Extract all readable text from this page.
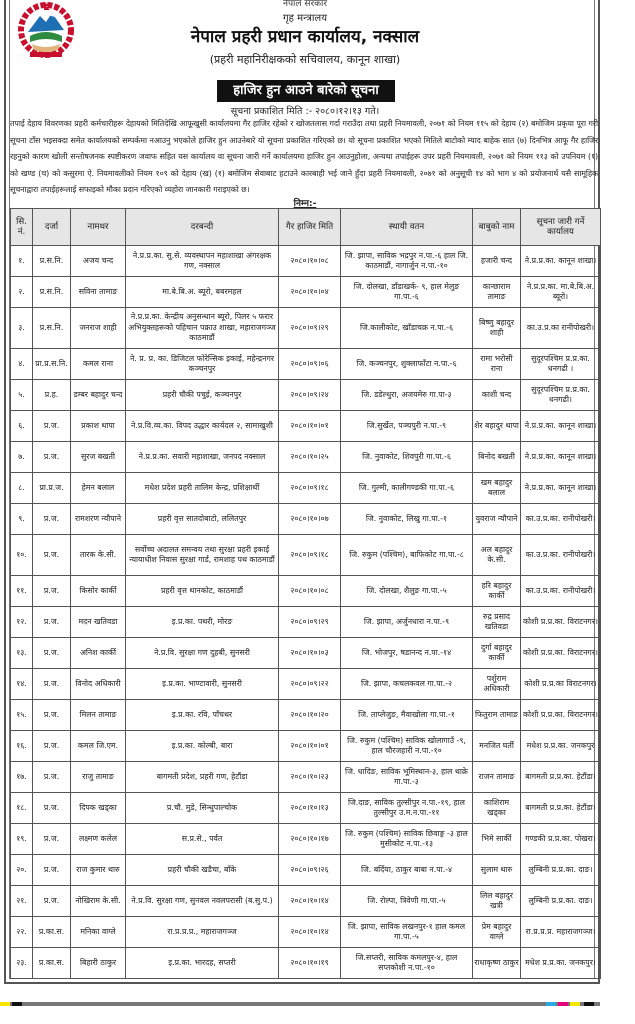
नेपाल सरकार
गृह मन्त्रालय
नेपाल प्रहरी प्रधान कार्यालय, नक्साल
(प्रहरी महानिरीक्षकको सचिवालय, कानून शाखा)
हाजिर हुन आउने बारेको सूचना
सूचना प्रकाशित मिति :- २०८०।१२।१३ गते।
तपाई देहाय विवरणका प्रहरी कर्मचारीहरू देहायको मितिदेखि आफूखुसी कार्यालयमा गैर हाजिर रहेको र खोजतलास गर्दा गराउँदा तथा प्रहरी नियमावली, २०७१ को नियम ११५ को देहाय (२) बमोजिम प्रकृया पूरा गरी सूचना टाँस भइसक्दा समेत कार्यालयको सम्पर्कमा नआउनु भएकोले हाजिर हुन आउनेबारे यो सूचना प्रकाशित गरिएको छ। यो सूचना प्रकाशित भएको मितिले बाटोको म्याद बाहेक सात (७) दिनभित्र आफू गैर हाजिर रहनुको कारण खोली सन्तोषजनक स्पष्टीकरण जवाफ सहित यस कार्यालय वा सूचना जारी गर्ने कार्यालयमा हाजिर हुन आउनुहोला, अन्यथा तपाईहरू उपर प्रहरी नियमावली, २०७१ को नियम ११३ को उपनियम (१) को खण्ड (च) को कसुरमा ऐ. नियमावलीको नियम १०९ को देहाय (ख) (१) बमोजिम सेवाबाट हटाउने कारबाही भई जाने हुँदा प्रहरी नियमावली, २०७१ को अनुसूची १४ को भाग ४ को प्रयोजनार्थ यसै सामूहिक सूचनाद्वारा तपाईहरूलाई सफाइको मौका प्रदान गरिएको व्यहोरा जानकारी गराइएको छ।
निम्न:-
सि. नं.	दर्जा	नामथर	दरबन्दी	गैर हाजिर मिति	स्थायी वतन	बाबुको नाम	सूचना जारी गर्ने कार्यालय
१.	प्र.स.नि.	अजय चन्द	ने.प्र.प्र.का. सु.से. व्यवस्थापन महाशाखा अंगरक्षक गण, नक्साल	२०८०।१०।०८	जि. झापा, साविक भद्रपुर न.पा.-६ हाल जि. काठमाडौं, नागार्जुन न.पा.-१०	हजारी चन्द	ने.प्र.प्र.का. कानून शाखा।
२.	प्र.स.नि.	सविना तामाङ	मा.बे.बि.अ. ब्यूरो, बबरमहल	२०८०।१०।०४	जि. दोलखा, डाँडाखर्क- ९, हाल मेलुङ गा.पा.-६	कान्छाराम तामाङ	ने.प्र.प्र.का. मा.बे.बि.अ. ब्यूरो।
३.	प्र.स.नि.	जनराज शाही	ने.प्र.प्र.का. केन्द्रीय अनुसन्धान ब्यूरो, पिलर ५ फरार अभियुक्तहरूको पहिचान पक्राउ शाखा, महाराजगञ्ज काठमाडौं	२०८०।०९।२९	जि.कालीकोट, खाँडाचक्र न.पा.-६	बिष्णु बहादुर शाही	का.उ.प्र.का रानीपोखरी।
४.	प्रा.प्र.स.नि.	कमल राना	ने. प्र. प्र. का. डिजिटल फोरेन्सिक इकाई, महेन्द्रनगर कञ्चनपुर	२०८०।०९।०६	जि. कञ्चनपुर, शुक्लाफाँटा न.पा.-६	रामा भरोसी राना	सुदूरपश्चिम प्र.प्र.का. धनगढी ।
५.	प्र.ह.	डम्बर बहादुर चन्द	प्रहरी चौकी पचुई, कञ्चनपुर	२०८०।०९।२४	जि. डडेल्धुरा, अजयमेरु गा.पा-३	काशी चन्द	सुदूरपश्चिम प्र.प्र.का. धनगढी।
६.	प्र.ज.	प्रकाश थापा	ने.प्र.वि.व्य.का. विपद उद्धार कार्यदल २, सामाखुशी	२०८०।१०।०१	जि.सुर्खेत, पञ्चपुरी न.पा.-९	शेर बहादुर थापा	ने.प्र.प्र.का. कानून शाखा।
७.	प्र.ज.	सुरज बखती	ने.प्र.प्र.का. सवारी महाशाखा, जनपद नक्साल	२०८०।१०।२५	जि. नुवाकोट, शिवपुरी गा.पा.-६	बिनोद बखती	ने.प्र.प्र.का. कानून शाखा।
८.	प्रा.प्र.ज.	हेमन बलाल	मधेश प्रदेश प्रहरी तालिम केन्द्र, प्रशिक्षार्थी	२०८०।०९।१८	जि. गुल्मी, कालीगण्डकी गा.पा.-६	खम बहादुर बलाल	ने.प्र.प्र.का. कानून शाखा।
९.	प्र.ज.	रामशरण न्यौपाने	प्रहरी वृत्त सातदोबाटो, ललितपुर	२०८०।१०।०७	जि. नुवाकोट, लिखु गा.पा.-१	युवराज न्यौपाने	का.उ.प्र.का. रानीपोखरी।
१०.	प्र.ज.	तारक के.सी.	सर्वोच्च अदालत समन्वय तथा सुरक्षा प्रहरी इकाई न्यायाधीश निवास सुरक्षा गार्ड, रामशाह पथ काठमाडौं	२०८०।०९।१८	जि. रुकुम (पश्चिम), बाफिकोट गा.पा.-८	अल बहादुर के.सी.	का.उ.प्र.का. रानीपोखरी।
११.	प्र.ज.	किसोर कार्की	प्रहरी वृत्त थानकोट, काठमाडौं	२०८०।१०।०८	जि. दोलखा, शैलुङ गा.पा.-५	हरि बहादुर कार्की	का.उ.प्र.का. रानीपोखरी।
१२.	प्र.ज.	मदन खतिवडा	इ.प्र.का. पथरी, मोरङ	२०८०।०९।२९	जि. झापा, अर्जुनधारा न.पा.-९	रुद्र प्रसाद खतिवडा	कोशी प्र.प्र.का. विराटनगर।
१३.	प्र.ज.	अनिश कार्की	ने.प्र.वि. सुरक्षा गण दुहबी, सुनसरी	२०८०।१०।०३	जि. भोजपुर, षडानन्द न.पा.-१४	दुर्गा बहादुर कार्की	कोशी प्र.प्र.का. विराटनगर।
१४.	प्र.ज.	विनोद अधिकारी	इ.प्र.का. भाण्टावारी, सुनसरी	२०८०।०९।२२	जि. झापा, कचलकवल गा.पा.-२	पर्शुराम अधिकारी	कोशी प्र.प्र.का विराटनगर।
१५.	प्र.ज.	मिलन तामाङ	इ.प्र.का. रवि, पाँचथर	२०८०।१०।२०	जि. ताप्लेजुङ, मैवाखोला गा.पा.-१	फितुराम तामाङ	कोशी प्र.प्र.का. विराटनगर।
१६.	प्र.ज.	कमल जि.एम.	इ.प्र.का. कोल्बी, बारा	२०८०।१०।०१	जि. रुकुम (पश्चिम) साविक खोलागाउँ -९, हाल चौरजहारी न.पा.-१०	मनजित घर्ती	मधेश प्र.प्र.का. जनकपुर
१७.	प्र.ज.	राजु तामाङ	बागमती प्रदेश, प्रहरी गण, हेटौंडा	२०८०।१०।२३	जि. धादिङ, साविक भूमिस्थान-३, हाल थाक्रे गा.पा.-३	राजन तामाङ	बागमती प्र.प्र.का. हेटौंडा।
१८.	प्र.ज.	दिपक खड्का	प्र.चौ. मुडे, सिन्धुपाल्चोक	२०८०।१०।१३	जि.दाङ, साविक तुल्सीपुर न.पा.-१९, हाल तुल्सीपुर उ.म.न.पा.-११	काशिराम खड्का	बागमती प्र.प्र.का. हेटौंडा।
१९.	प्र.ज.	लक्ष्मण कलेल	स.प्र.से., पर्वत	२०८०।१०।१७	जि. रुकुम (पश्चिम) साविक छिवाङ्ग -३ हाल मुसीकोट न.पा.-१३	भिमे सार्की	गण्डकी प्र.प्र.का. पोखरा।
२०.	प्र.ज.	राज कुमार थारु	प्रहरी चौकी खडैचा, बाँके	२०८०।०९।२६	जि. बर्दिया, ठाकुर बाबा न.पा.-४	सुलाम थारु	लुम्बिनी प्र.प्र.का. दाङ।
२१.	प्र.ज.	नोखिराम के.सी.	ने.प्र.वि. सुरक्षा गण, सुनवल नवलपरासी (ब.सु.प.)	२०८०।१०।१४	जि. रोल्पा, त्रिवेणी गा.पा.-५	लिल बहादुर खत्री	लुम्बिनी प्र.प्र.का. दाङ।
२२.	प्र.का.स.	मनिका वाग्ले	रा.प्र.प्र.प्र., महाराजगञ्ज	२०८०।१०।१४	जि. झापा, साविक लखनपुर-१ हाल कमल गा.पा.-५	प्रेम बहादुर वाग्ले	रा.प्र.प्र.प्र. महाराजगञ्ज।
२३.	प्र.का.स.	बिहारी ठाकुर	इ.प्र.का. भारदह, सप्तरी	२०८०।१०।१९	जि.सप्तरी, साविक कमलपुर-४, हाल सप्तकोशी न.पा.-१०	राधाकृष्ण ठाकुर	मधेश प्र.प्र.का. जनकपुर।
